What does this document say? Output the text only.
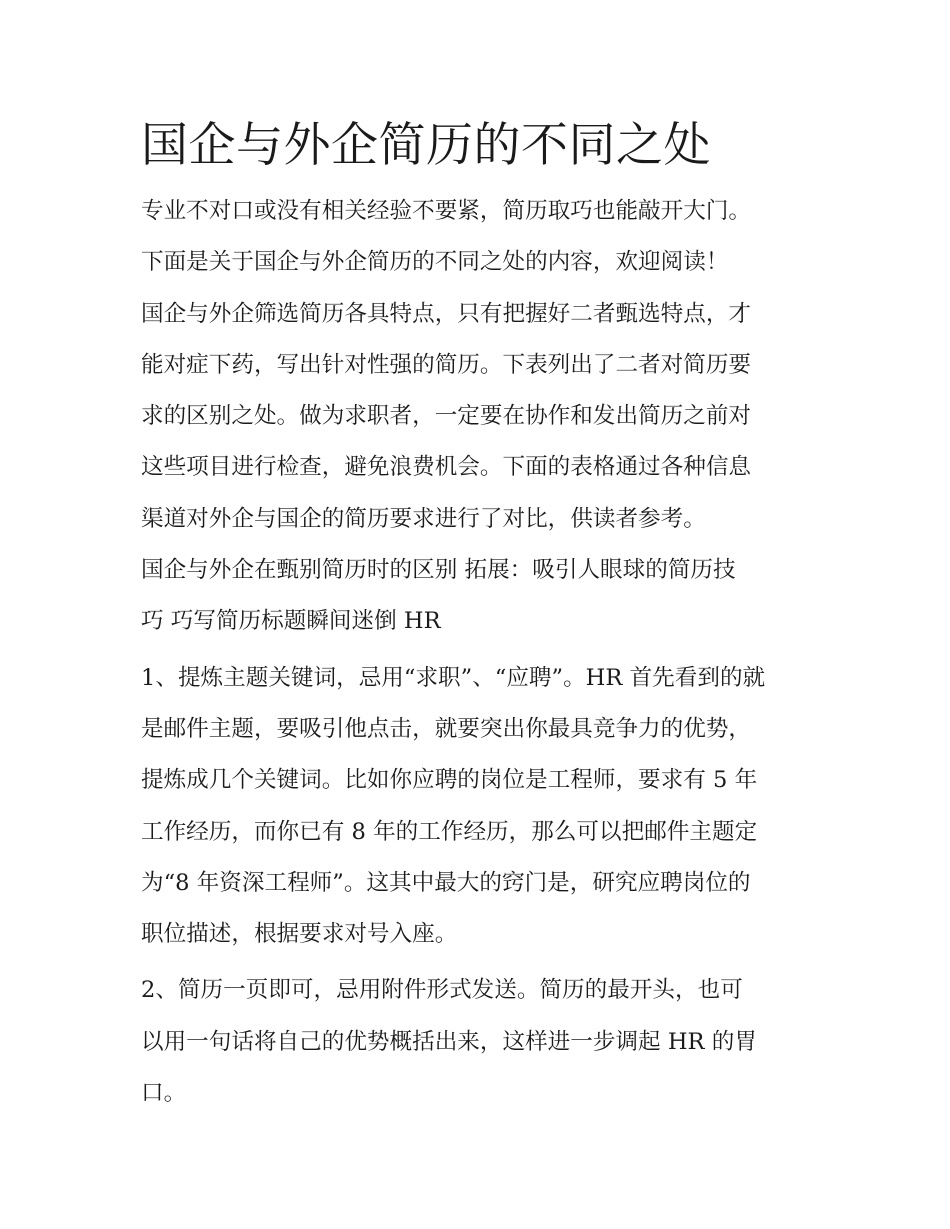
国企与外企简历的不同之处

专业不对口或没有相关经验不要紧，简历取巧也能敲开大门。
下面是关于国企与外企简历的不同之处的内容，欢迎阅读！

国企与外企筛选简历各具特点，只有把握好二者甄选特点，才
能对症下药，写出针对性强的简历。下表列出了二者对简历要
求的区别之处。做为求职者，一定要在协作和发出简历之前对
这些项目进行检查，避免浪费机会。下面的表格通过各种信息
渠道对外企与国企的简历要求进行了对比，供读者参考。

国企与外企在甄别简历时的区别 拓展：吸引人眼球的简历技
巧 巧写简历标题瞬间迷倒 HR

1、提炼主题关键词，忌用“求职”、“应聘”。HR 首先看到的就
是邮件主题，要吸引他点击，就要突出你最具竞争力的优势，
提炼成几个关键词。比如你应聘的岗位是工程师，要求有 5 年
工作经历，而你已有 8 年的工作经历，那么可以把邮件主题定
为“8 年资深工程师”。这其中最大的窍门是，研究应聘岗位的
职位描述，根据要求对号入座。

2、简历一页即可，忌用附件形式发送。简历的最开头，也可
以用一句话将自己的优势概括出来，这样进一步调起 HR 的胃
口。
